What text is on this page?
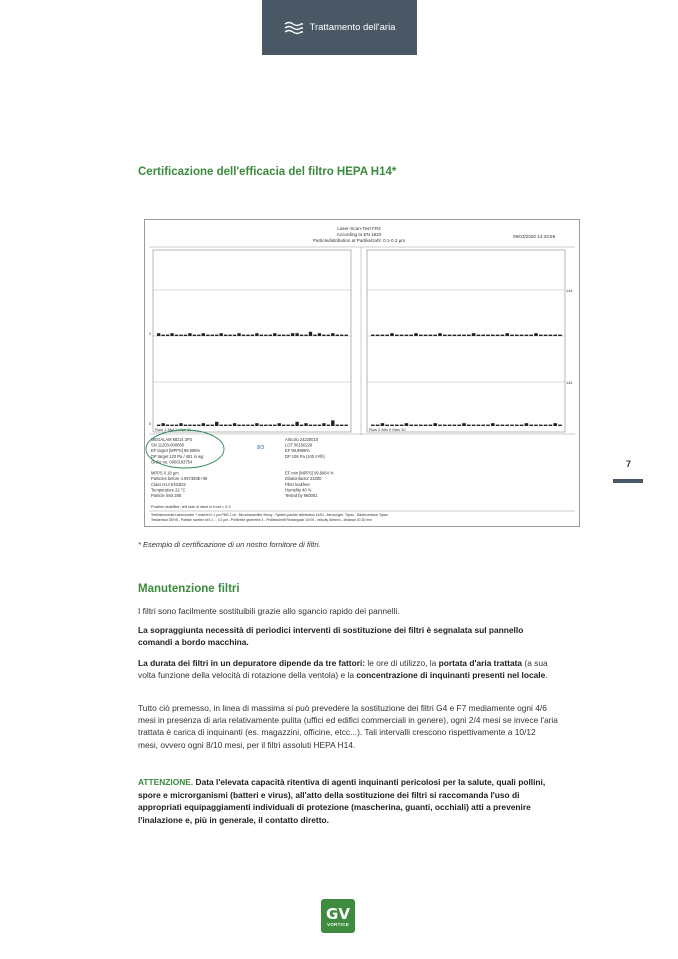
Trattamento dell'aria
7
Certificazione dell'efficacia del filtro HEPA H14*
Laser-Scan-Test FR2
According to EN 1822
Particledistribution at Partikelzahl: 0.1-0.2 µm
09/03/2020 14:33:59
2
0
Row 1 Mxt 1 Max 11
144
144
Row 2 Min 0 Max 10
MEGALAM MD14 3P3
SN 11203-000068
EF target [MPPS] 99.995%
DP target 120 Pa / 481 in wg
Order no. 0000183754
MPPS 0.18 µm
Particles before 4.097393E+08
Class H14 EN1822
Temperature 22 °C
Particle limit 288
Articolo 24230010
LOT 06150229
EF 99.9996%
DP 108 Pa (100 m³/h)
EF min [MPPS] 99.9964 %
Dilutionfactor 23200
Filter leakfree
Humidity 40 %
Tested by 960001
8/3
Position leakfilter: left side of label in front = 0,3
Testinstruments:Lasercounter + channel 0.1 µm PMS 1 ch - Microtransmitter Sensy - System particle distribution LAS4 - Aerosolgen. Topas - Diluterverdnun Topas
Testaerosol DEHS - Particle number at 0.1 ... 0.2 µm - Prüfbreite geometrie 3 - Prüfabschnitt Rectangular 10x76 - velocity 60mm/s - distance 20-30 mm
* Esempio di certificazione di un nostro fornitore di filtri.
Manutenzione filtri

I filtri sono facilmente sostituibili grazie allo sgancio rapido dei pannelli.

La sopraggiunta necessità di periodici interventi di sostituzione dei filtri è segnalata sul pannello comandi a bordo macchina.

La durata dei filtri in un depuratore dipende da tre fattori: le ore di utilizzo, la portata d'aria trattata (a sua volta funzione della velocità di rotazione della ventola) e la concentrazione di inquinanti presenti nel locale.

Tutto ciò premesso, in linea di massima si può prevedere la sostituzione dei filtri G4 e F7 mediamente ogni 4/6 mesi in presenza di aria relativamente pulita (uffici ed edifici commerciali in genere), ogni 2/4 mesi se invece l'aria trattata è carica di inquinanti (es. magazzini, officine, etcc...). Tali intervalli crescono rispettivamente a 10/12 mesi, ovvero ogni 8/10 mesi, per il filtri assoluti HEPA H14.

ATTENZIONE. Data l'elevata capacità ritentiva di agenti inquinanti pericolosi per la salute, quali pollini, spore e microrganismi (batteri e virus), all'atto della sostituzione dei filtri si raccomanda l'uso di appropriati equipaggiamenti individuali di protezione (mascherina, guanti, occhiali) atti a prevenire l'inalazione e, più in generale, il contatto diretto.

GV
VORTICE
